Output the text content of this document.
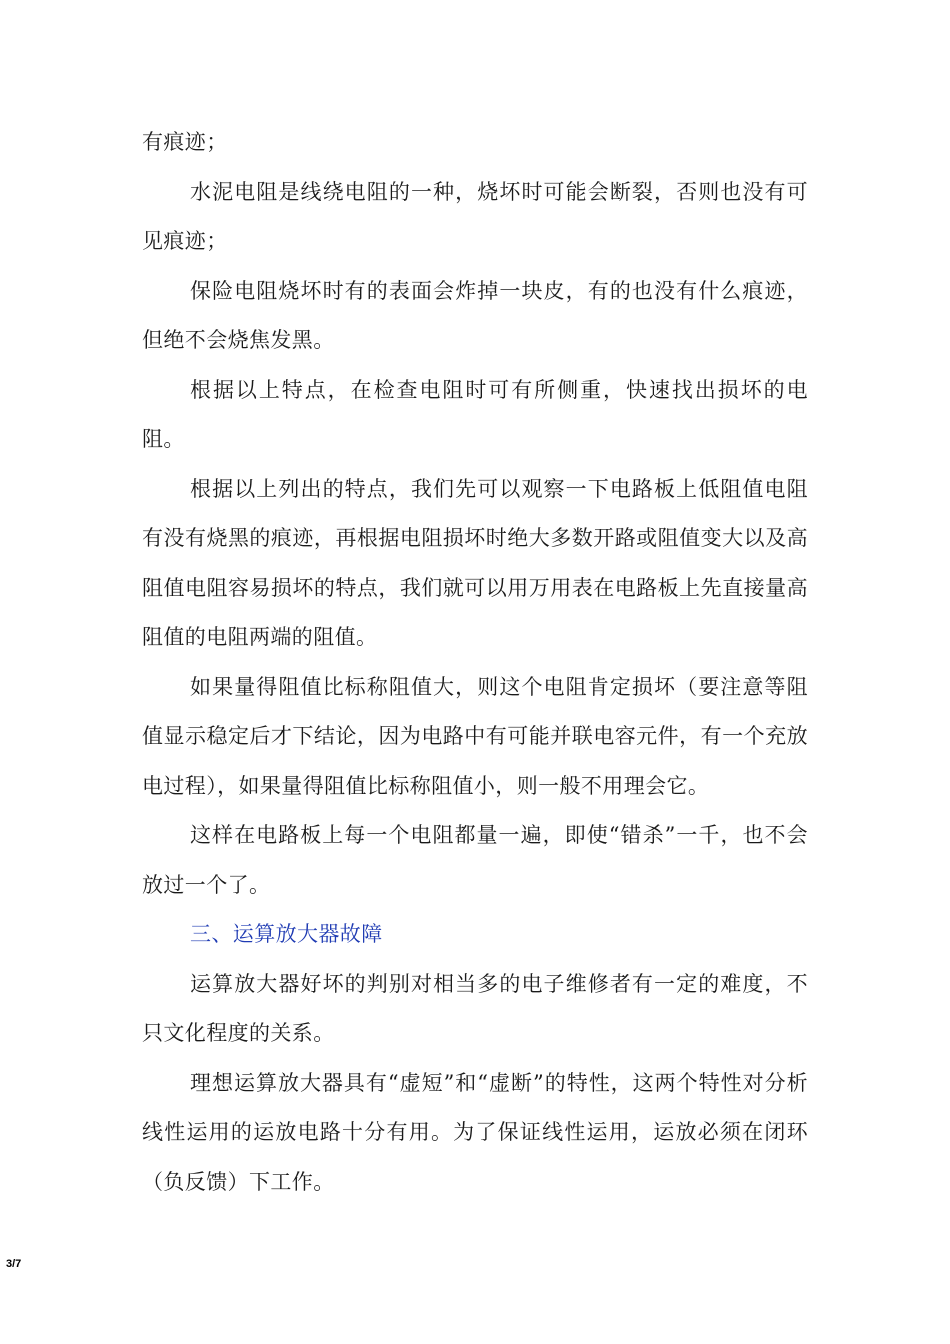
有痕迹；

水泥电阻是线绕电阻的一种，烧坏时可能会断裂，否则也没有可见痕迹；

保险电阻烧坏时有的表面会炸掉一块皮，有的也没有什么痕迹，但绝不会烧焦发黑。

根据以上特点，在检查电阻时可有所侧重，快速找出损坏的电阻。

根据以上列出的特点，我们先可以观察一下电路板上低阻值电阻有没有烧黑的痕迹，再根据电阻损坏时绝大多数开路或阻值变大以及高阻值电阻容易损坏的特点，我们就可以用万用表在电路板上先直接量高阻值的电阻两端的阻值。

如果量得阻值比标称阻值大，则这个电阻肯定损坏（要注意等阻值显示稳定后才下结论，因为电路中有可能并联电容元件，有一个充放电过程），如果量得阻值比标称阻值小，则一般不用理会它。

这样在电路板上每一个电阻都量一遍，即使“错杀”一千，也不会放过一个了。

三、运算放大器故障

运算放大器好坏的判别对相当多的电子维修者有一定的难度，不只文化程度的关系。

理想运算放大器具有“虚短”和“虚断”的特性，这两个特性对分析线性运用的运放电路十分有用。为了保证线性运用，运放必须在闭环（负反馈）下工作。

3/7
